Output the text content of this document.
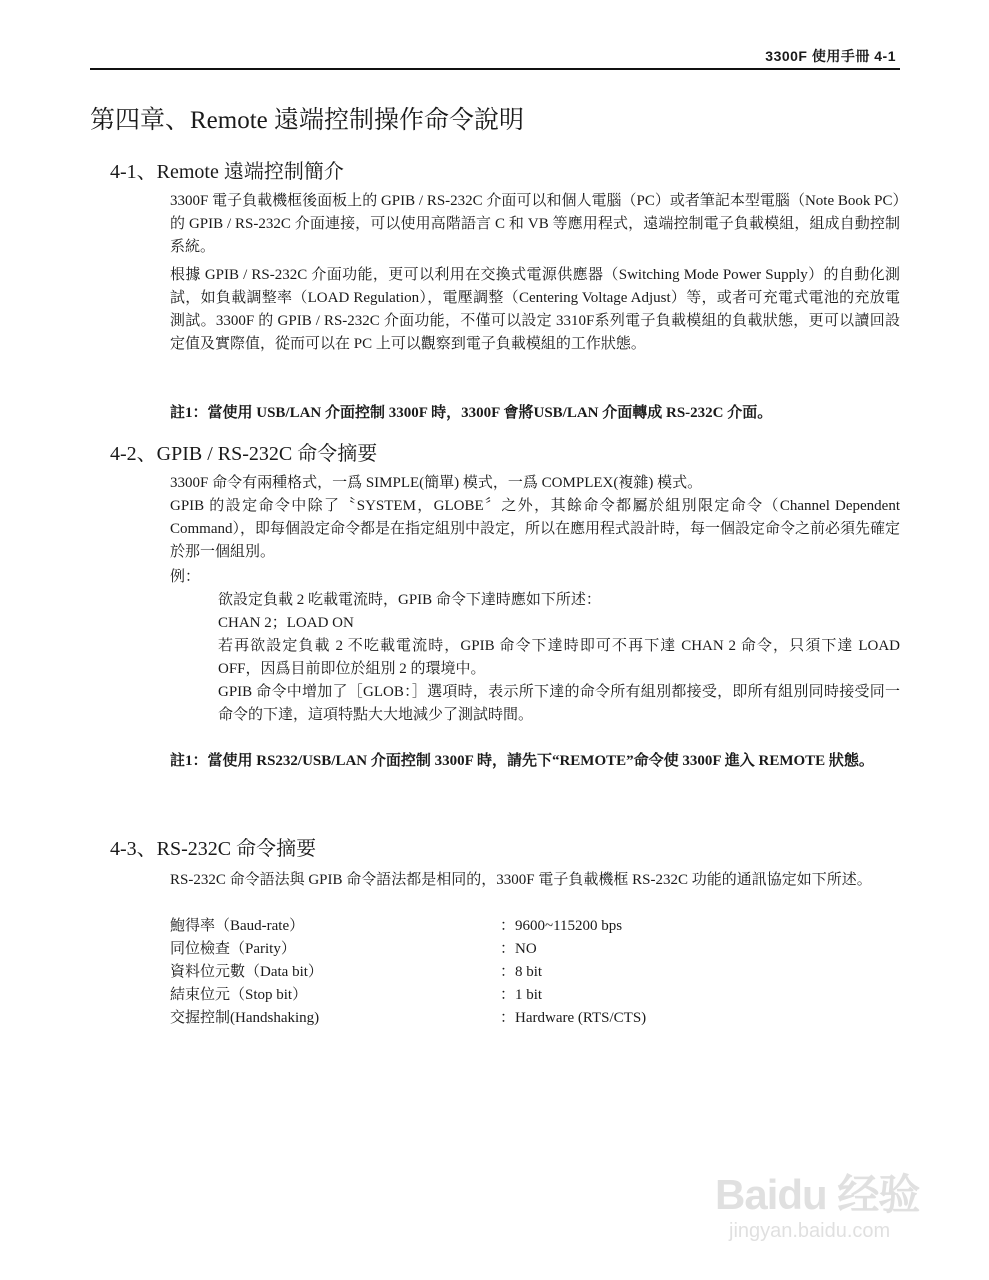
3300F 使用手冊 4-1
第四章、Remote 遠端控制操作命令說明
4-1、Remote 遠端控制簡介
3300F 電子負載機框後面板上的 GPIB / RS-232C 介面可以和個人電腦（PC）或者筆記本型電腦（Note Book PC）的 GPIB / RS-232C 介面連接，可以使用高階語言 C 和 VB 等應用程式，遠端控制電子負載模組，組成自動控制系統。
根據 GPIB / RS-232C 介面功能，更可以利用在交換式電源供應器（Switching Mode Power Supply）的自動化測試，如負載調整率（LOAD Regulation），電壓調整（Centering Voltage Adjust）等，或者可充電式電池的充放電測試。3300F 的 GPIB / RS-232C 介面功能，不僅可以設定 3310F系列電子負載模組的負載狀態，更可以讀回設定值及實際值，從而可以在 PC 上可以觀察到電子負載模組的工作狀態。
註1：當使用 USB/LAN 介面控制 3300F 時，3300F 會將USB/LAN 介面轉成 RS-232C 介面。
4-2、GPIB / RS-232C 命令摘要
3300F 命令有兩種格式，一爲 SIMPLE(簡單) 模式，一爲 COMPLEX(複雜) 模式。
GPIB 的設定命令中除了〝SYSTEM，GLOBE〞之外，其餘命令都屬於組別限定命令（Channel Dependent Command），即每個設定命令都是在指定組別中設定，所以在應用程式設計時，每一個設定命令之前必須先確定於那一個組別。
例：
欲設定負載 2 吃載電流時，GPIB 命令下達時應如下所述：
CHAN 2；LOAD ON
若再欲設定負載 2 不吃載電流時，GPIB 命令下達時即可不再下達 CHAN 2 命令，只須下達 LOAD OFF，因爲目前即位於組別 2 的環境中。
GPIB 命令中增加了［GLOB：］選項時，表示所下達的命令所有組別都接受，即所有組別同時接受同一命令的下達，這項特點大大地減少了測試時間。
註1：當使用 RS232/USB/LAN 介面控制 3300F 時，請先下“REMOTE”命令使 3300F 進入 REMOTE 狀態。
4-3、RS-232C 命令摘要
RS-232C 命令語法與 GPIB 命令語法都是相同的，3300F 電子負載機框 RS-232C 功能的通訊協定如下所述。
鮑得率（Baud-rate）	：9600~115200 bps
同位檢查（Parity）	：NO
資料位元數（Data bit）	：8 bit
結束位元（Stop bit）	：1 bit
交握控制(Handshaking)	：Hardware (RTS/CTS)
Baidu 经验
jingyan.baidu.com
